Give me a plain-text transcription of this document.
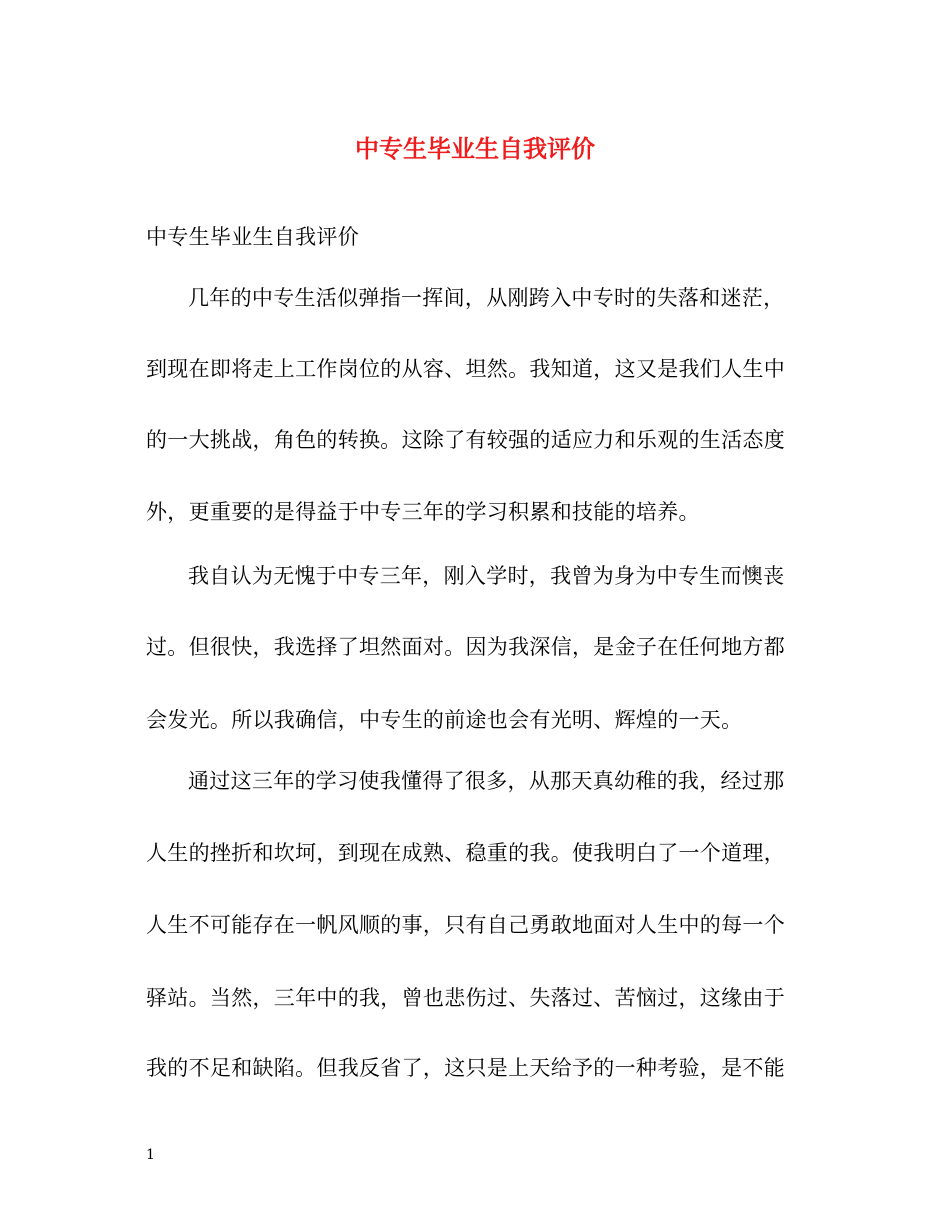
中专生毕业生自我评价
中专生毕业生自我评价
几年的中专生活似弹指一挥间，从刚跨入中专时的失落和迷茫，
到现在即将走上工作岗位的从容、坦然。我知道，这又是我们人生中
的一大挑战，角色的转换。这除了有较强的适应力和乐观的生活态度
外，更重要的是得益于中专三年的学习积累和技能的培养。
我自认为无愧于中专三年，刚入学时，我曾为身为中专生而懊丧
过。但很快，我选择了坦然面对。因为我深信，是金子在任何地方都
会发光。所以我确信，中专生的前途也会有光明、辉煌的一天。
通过这三年的学习使我懂得了很多，从那天真幼稚的我，经过那
人生的挫折和坎坷，到现在成熟、稳重的我。使我明白了一个道理，
人生不可能存在一帆风顺的事，只有自己勇敢地面对人生中的每一个
驿站。当然，三年中的我，曾也悲伤过、失落过、苦恼过，这缘由于
我的不足和缺陷。但我反省了，这只是上天给予的一种考验，是不能
1
